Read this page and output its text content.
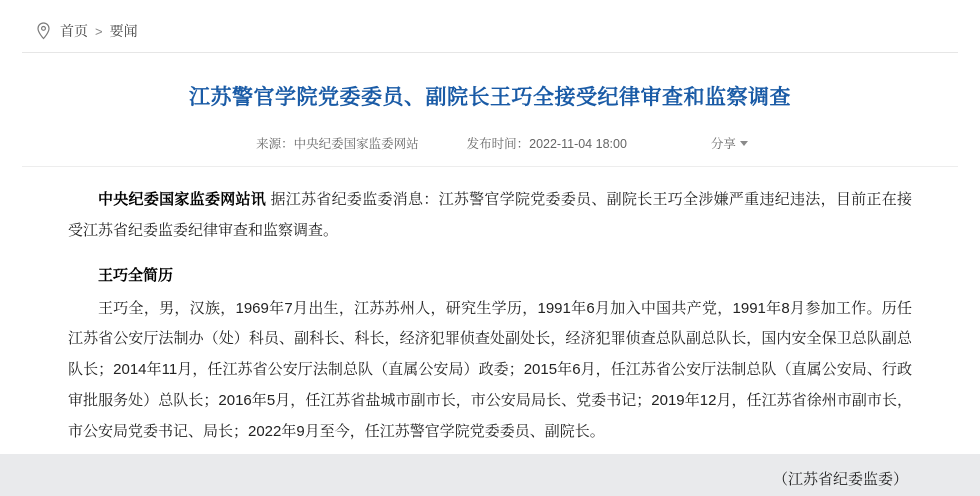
首页 > 要闻
江苏警官学院党委委员、副院长王巧全接受纪律审查和监察调查
来源：中央纪委国家监委网站	发布时间：2022-11-04 18:00	分享

中央纪委国家监委网站讯 据江苏省纪委监委消息：江苏警官学院党委委员、副院长王巧全涉嫌严重违纪违法，目前正在接受江苏省纪委监委纪律审查和监察调查。

王巧全简历

王巧全，男，汉族，1969年7月出生，江苏苏州人，研究生学历，1991年6月加入中国共产党，1991年8月参加工作。历任江苏省公安厅法制办（处）科员、副科长、科长，经济犯罪侦查处副处长，经济犯罪侦查总队副总队长，国内安全保卫总队副总队长；2014年11月，任江苏省公安厅法制总队（直属公安局）政委；2015年6月，任江苏省公安厅法制总队（直属公安局、行政审批服务处）总队长；2016年5月，任江苏省盐城市副市长，市公安局局长、党委书记；2019年12月，任江苏省徐州市副市长，市公安局党委书记、局长；2022年9月至今，任江苏警官学院党委委员、副院长。

（江苏省纪委监委）
